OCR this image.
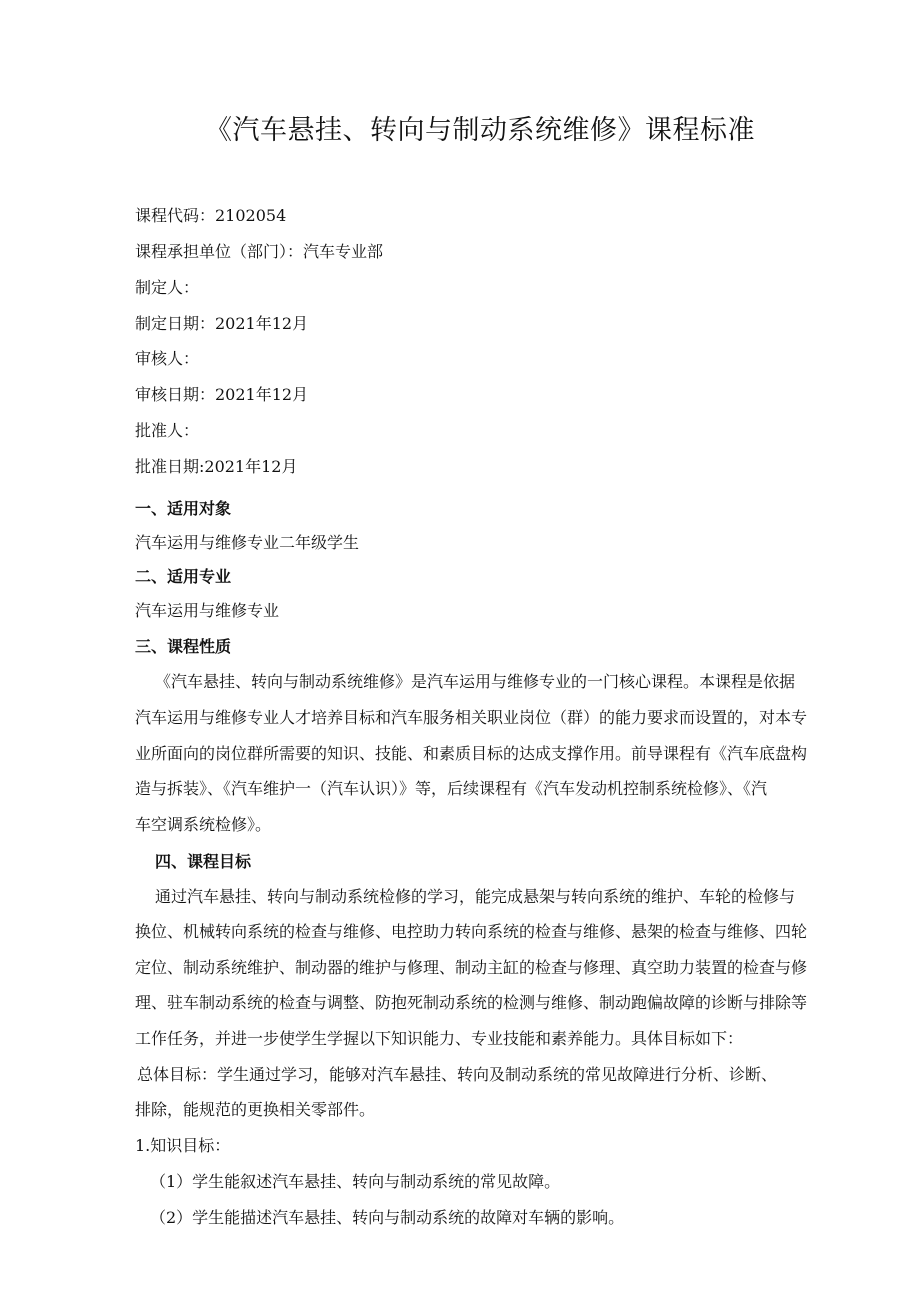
《汽车悬挂、转向与制动系统维修》课程标准
课程代码：2102054
课程承担单位（部门）：汽车专业部
制定人：
制定日期：2021年12月
审核人：
审核日期：2021年12月
批准人：
批准日期:2021年12月
一、适用对象
汽车运用与维修专业二年级学生
二、适用专业
汽车运用与维修专业
三、课程性质
《汽车悬挂、转向与制动系统维修》是汽车运用与维修专业的一门核心课程。本课程是依据
汽车运用与维修专业人才培养目标和汽车服务相关职业岗位（群）的能力要求而设置的，对本专
业所面向的岗位群所需要的知识、技能、和素质目标的达成支撑作用。前导课程有《汽车底盘构
造与拆装》、《汽车维护一（汽车认识）》等，后续课程有《汽车发动机控制系统检修》、《汽
车空调系统检修》。
四、课程目标
通过汽车悬挂、转向与制动系统检修的学习，能完成悬架与转向系统的维护、车轮的检修与
换位、机械转向系统的检查与维修、电控助力转向系统的检查与维修、悬架的检查与维修、四轮
定位、制动系统维护、制动器的维护与修理、制动主缸的检查与修理、真空助力装置的检查与修
理、驻车制动系统的检查与调整、防抱死制动系统的检测与维修、制动跑偏故障的诊断与排除等
工作任务，并进一步使学生学握以下知识能力、专业技能和素养能力。具体目标如下：
总体目标：学生通过学习，能够对汽车悬挂、转向及制动系统的常见故障进行分析、诊断、
排除，能规范的更换相关零部件。
1.知识目标：
（1）学生能叙述汽车悬挂、转向与制动系统的常见故障。
（2）学生能描述汽车悬挂、转向与制动系统的故障对车辆的影响。
